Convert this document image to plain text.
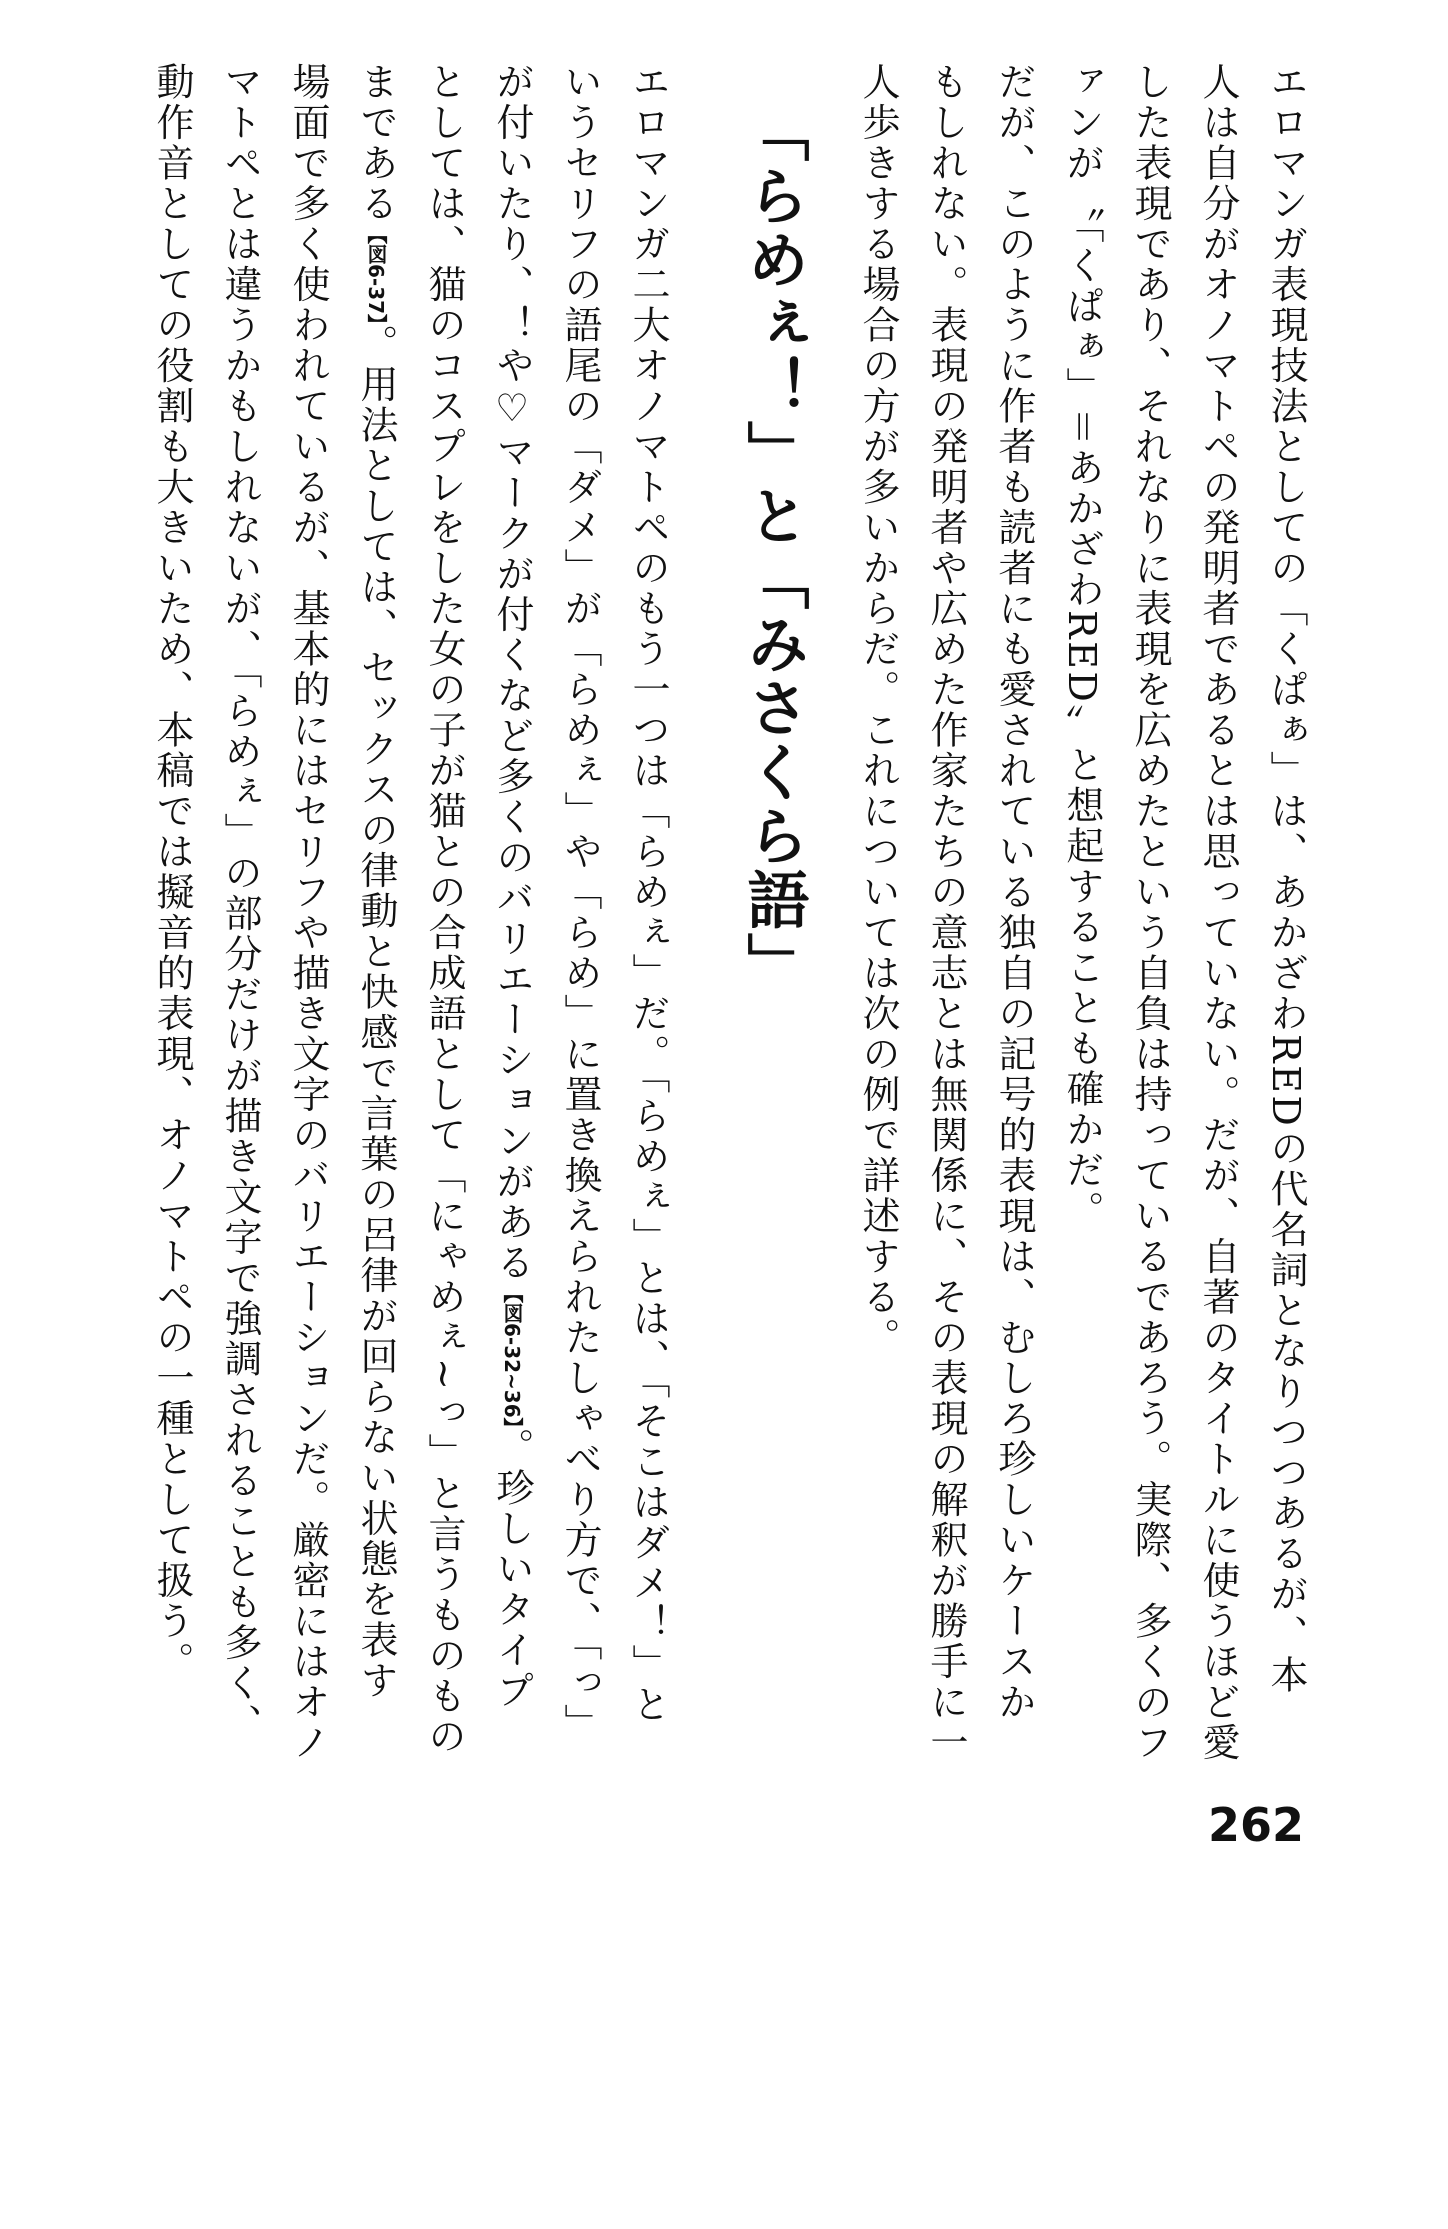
エロマンガ表現技法としての「くぱぁ」は、あかざわREDの代名詞となりつつあるが、本
人は自分がオノマトペの発明者であるとは思っていない。だが、自著のタイトルに使うほど愛
した表現であり、それなりに表現を広めたという自負は持っているであろう。実際、多くのフ
ァンが〝「くぱぁ」＝あかざわRED〟と想起することも確かだ。
だが、このように作者も読者にも愛されている独自の記号的表現は、むしろ珍しいケースか
もしれない。表現の発明者や広めた作家たちの意志とは無関係に、その表現の解釈が勝手に一
人歩きする場合の方が多いからだ。これについては次の例で詳述する。
「らめぇ！」と「みさくら語」
エロマンガ二大オノマトペのもう一つは「らめぇ」だ。「らめぇ」とは、「そこはダメ！」と
いうセリフの語尾の「ダメ」が「らめぇ」や「らめ」に置き換えられたしゃべり方で、「っ」
が付いたり、！や♡マークが付くなど多くのバリエーションがある【図6-32~36】。珍しいタイプ
としては、猫のコスプレをした女の子が猫との合成語として「にゃめぇ~っ」と言うものもの
まである【図6-37】。用法としては、セックスの律動と快感で言葉の呂律が回らない状態を表す
場面で多く使われているが、基本的にはセリフや描き文字のバリエーションだ。厳密にはオノ
マトペとは違うかもしれないが、「らめぇ」の部分だけが描き文字で強調されることも多く、
動作音としての役割も大きいため、本稿では擬音的表現、オノマトペの一種として扱う。
262
